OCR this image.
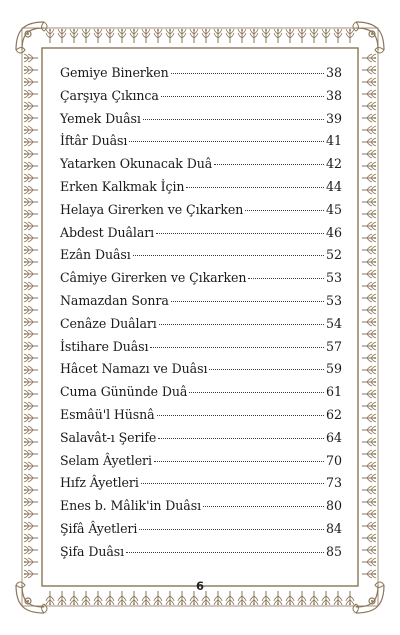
Gemiye Binerken	38
Çarşıya Çıkınca	38
Yemek Duâsı	39
İftâr Duâsı	41
Yatarken Okunacak Duâ	42
Erken Kalkmak İçin	44
Helaya Girerken ve Çıkarken	45
Abdest Duâları	46
Ezân Duâsı	52
Câmiye Girerken ve Çıkarken	53
Namazdan Sonra	53
Cenâze Duâları	54
İstihare Duâsı	57
Hâcet Namazı ve Duâsı	59
Cuma Gününde Duâ	61
Esmâü'l Hüsnâ	62
Salavât-ı Şerife	64
Selam Âyetleri	70
Hıfz Âyetleri	73
Enes b. Mâlik'in Duâsı	80
Şifâ Âyetleri	84
Şifa Duâsı	85
6
